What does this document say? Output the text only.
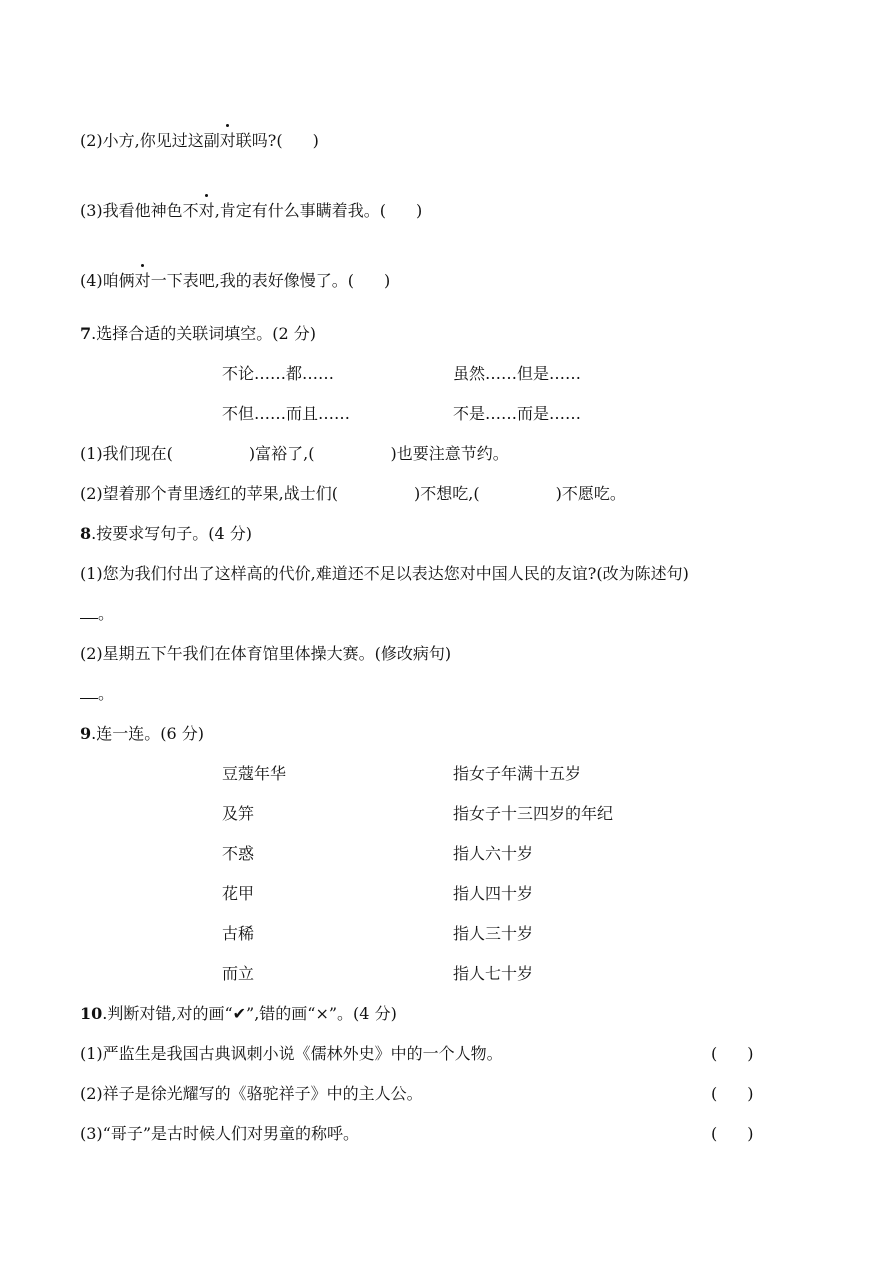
(2)小方,你见过这副对联吗?( )
(3)我看他神色不对,肯定有什么事瞒着我。( )
(4)咱俩对一下表吧,我的表好像慢了。( )
7.选择合适的关联词填空。(2 分)
不论……都……	虽然……但是……
不但……而且……	不是……而是……
(1)我们现在(	)富裕了,(	)也要注意节约。
(2)望着那个青里透红的苹果,战士们(	)不想吃,(	)不愿吃。
8.按要求写句子。(4 分)
(1)您为我们付出了这样高的代价,难道还不足以表达您对中国人民的友谊?(改为陈述句)
。
(2)星期五下午我们在体育馆里体操大赛。(修改病句)
。
9.连一连。(6 分)
豆蔻年华	指女子年满十五岁
及笄	指女子十三四岁的年纪
不惑	指人六十岁
花甲	指人四十岁
古稀	指人三十岁
而立	指人七十岁
10.判断对错,对的画“✔”,错的画“×”。(4 分)
(1)严监生是我国古典讽刺小说《儒林外史》中的一个人物。	( )
(2)祥子是徐光耀写的《骆驼祥子》中的主人公。	( )
(3)“哥子”是古时候人们对男童的称呼。	( )
